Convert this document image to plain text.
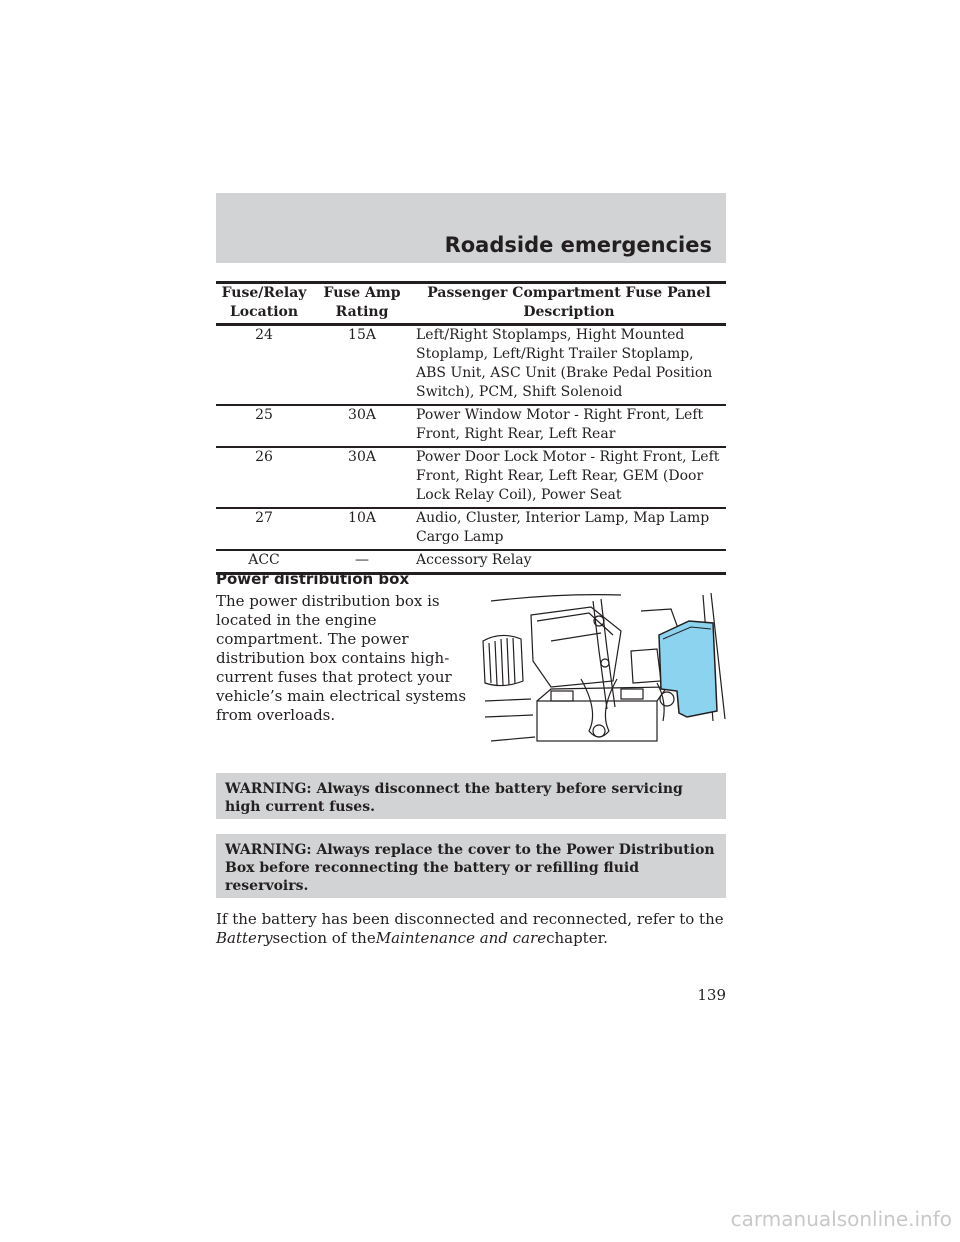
Roadside emergencies
Fuse/Relay Location	Fuse Amp Rating	Passenger Compartment Fuse Panel Description
24	15A	Left/Right Stoplamps, Hight Mounted Stoplamp, Left/Right Trailer Stoplamp, ABS Unit, ASC Unit (Brake Pedal Position Switch), PCM, Shift Solenoid
25	30A	Power Window Motor - Right Front, Left Front, Right Rear, Left Rear
26	30A	Power Door Lock Motor - Right Front, Left Front, Right Rear, Left Rear, GEM (Door Lock Relay Coil), Power Seat
27	10A	Audio, Cluster, Interior Lamp, Map Lamp Cargo Lamp
ACC	—	Accessory Relay
Power distribution box

The power distribution box is located in the engine compartment. The power distribution box contains high-current fuses that protect your vehicle’s main electrical systems from overloads.

WARNING: Always disconnect the battery before servicing high current fuses.
WARNING: Always replace the cover to the Power Distribution Box before reconnecting the battery or refilling fluid reservoirs.

If the battery has been disconnected and reconnected, refer to the Batterysection of theMaintenance and carechapter.

139
carmanualsonline.info
